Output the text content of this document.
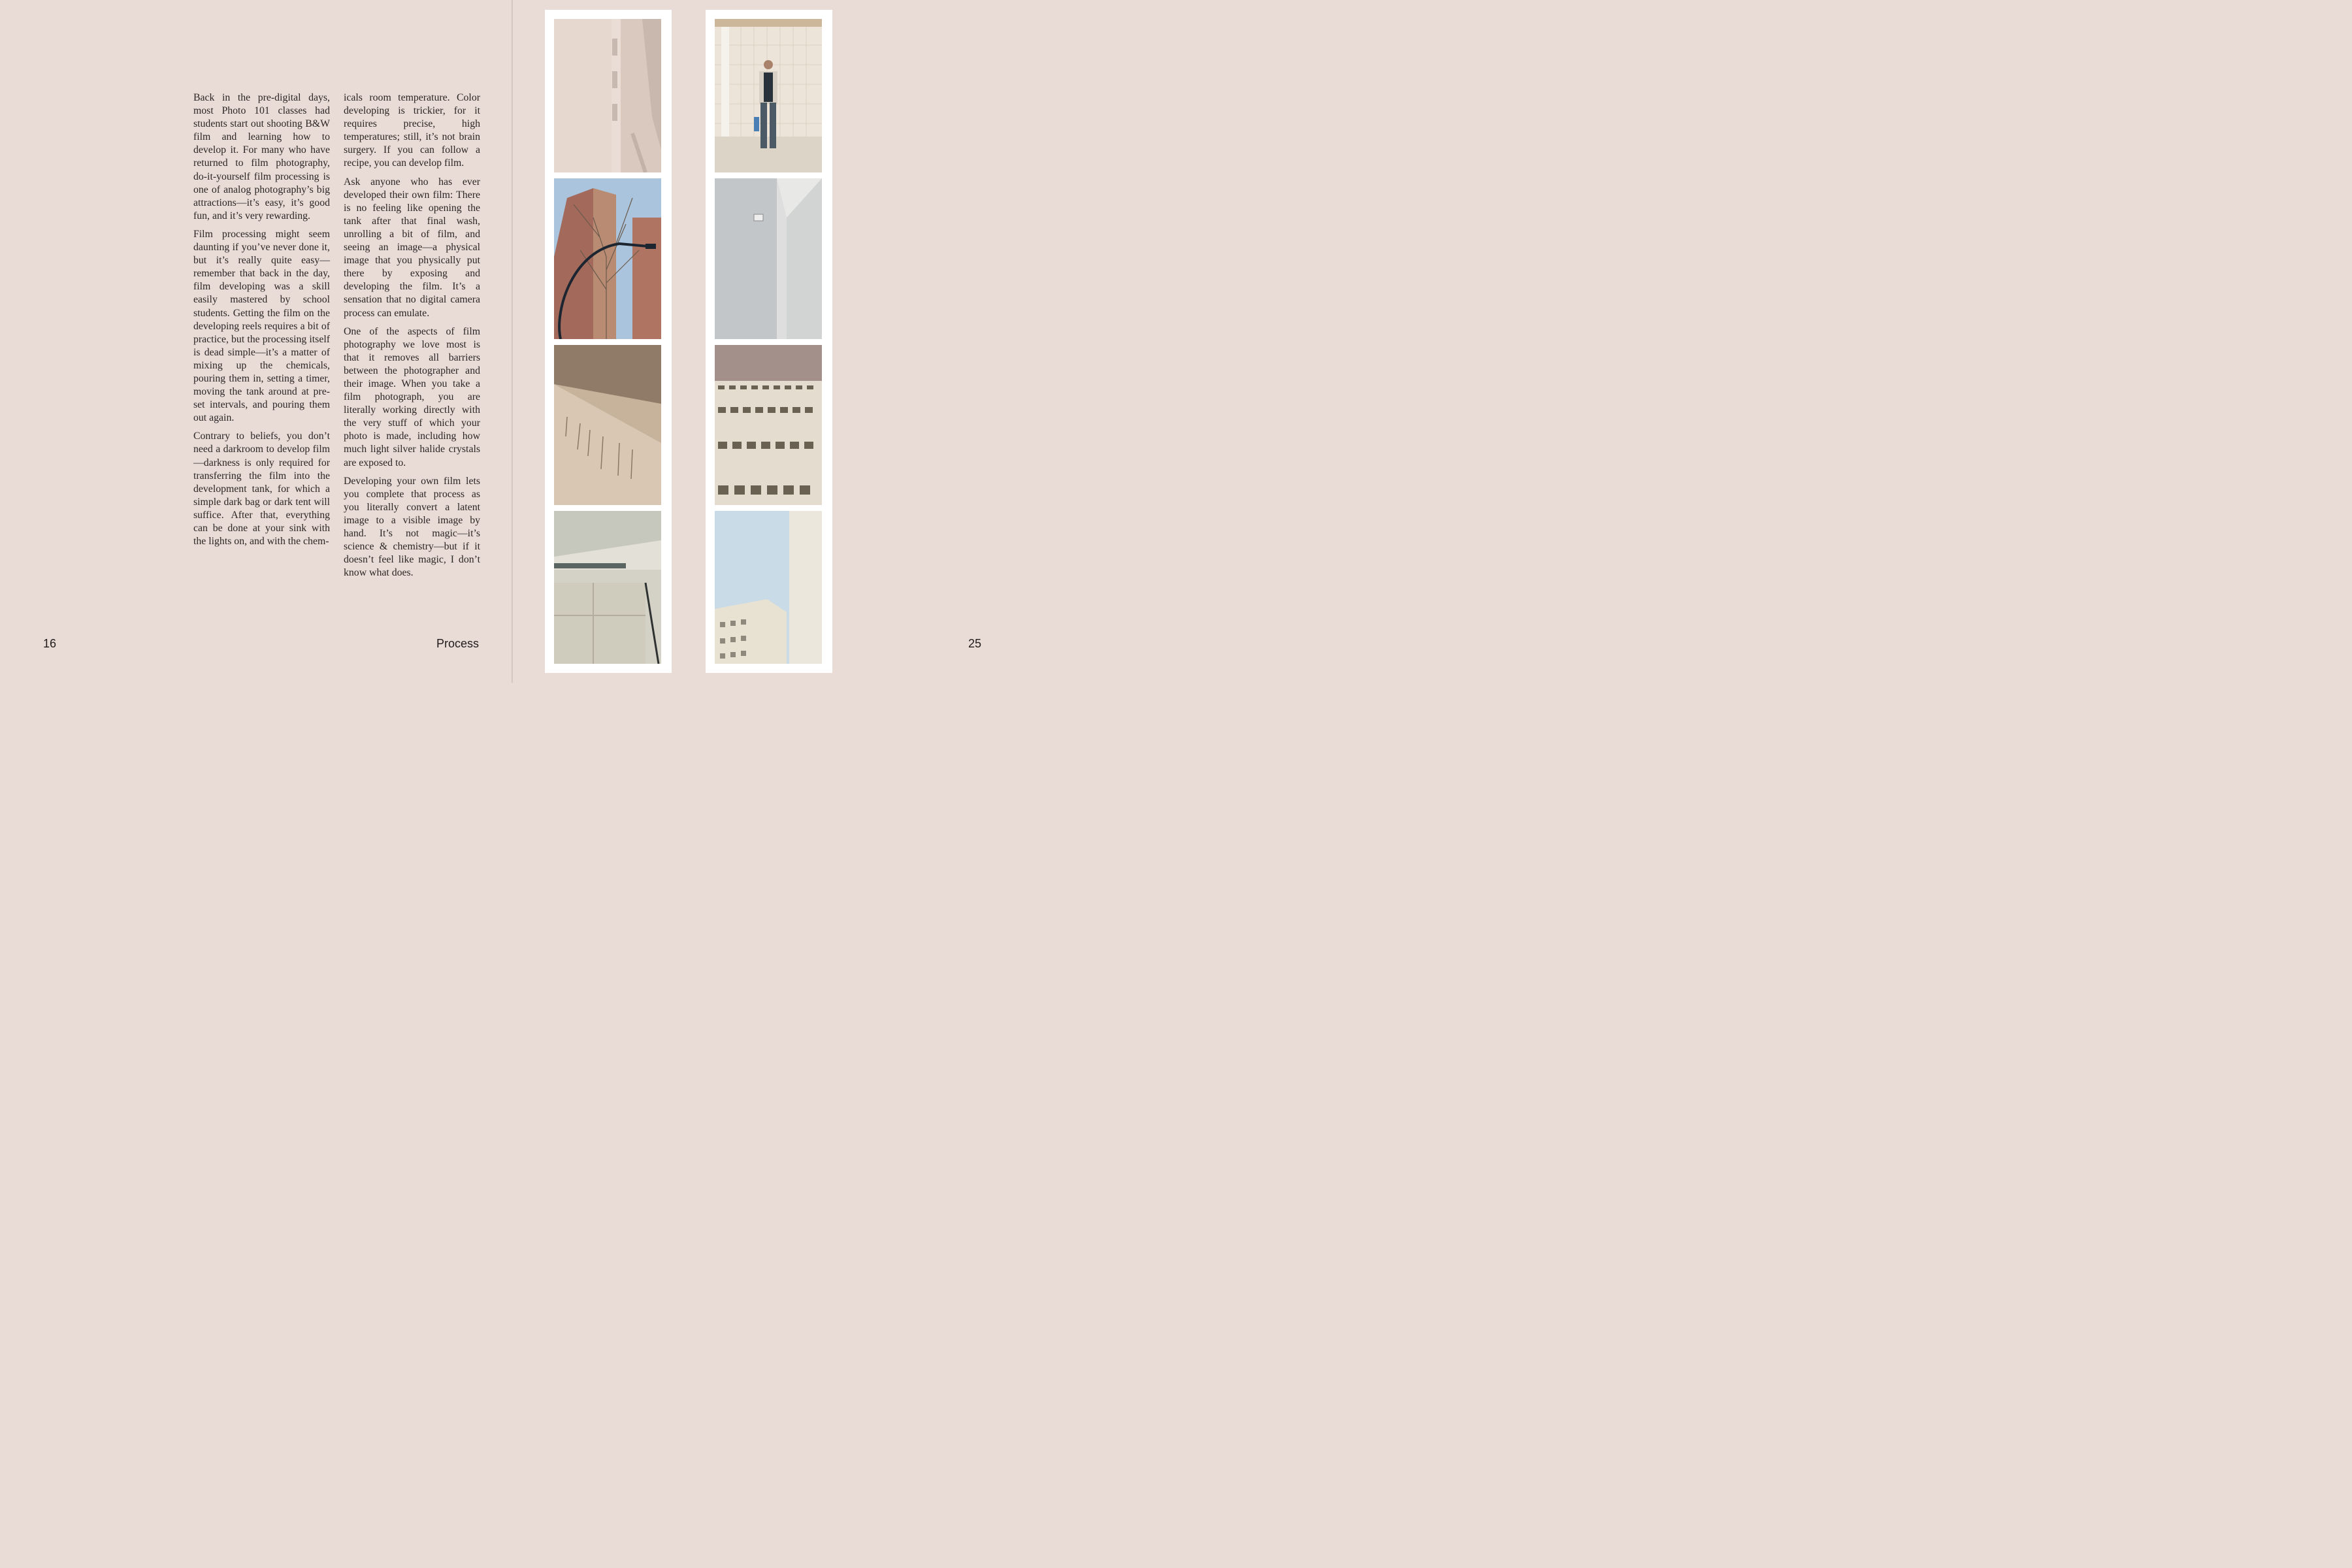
Back in the pre-digital days, most Photo 101 classes had students start out shooting B&W film and learning how to develop it. For many who have returned to film photography, do-it-yourself film processing is one of analog photography’s big attractions—it’s easy, it’s good fun, and it’s very rewarding.

Film processing might seem daunting if you’ve never done it, but it’s really quite easy—remember that back in the day, film developing was a skill easily mastered by school students. Getting the film on the developing reels requires a bit of practice, but the processing itself is dead simple—it’s a matter of mixing up the chemicals, pouring them in, setting a timer, moving the tank around at pre-set intervals, and pouring them out again.

Contrary to beliefs, you don’t need a darkroom to develop film—darkness is only required for transferring the film into the development tank, for which a simple dark bag or dark tent will suffice. After that, everything can be done at your sink with the lights on, and with the chem-

icals room temperature. Color developing is trickier, for it requires precise, high temperatures; still, it’s not brain surgery. If you can follow a recipe, you can develop film.

Ask anyone who has ever developed their own film: There is no feeling like opening the tank after that final wash, unrolling a bit of film, and seeing an image—a physical image that you physically put there by exposing and developing the film. It’s a sensation that no digital camera process can emulate.

One of the aspects of film photography we love most is that it removes all barriers between the photographer and their image. When you take a film photograph, you are literally working directly with the very stuff of which your photo is made, including how much light silver halide crystals are exposed to.

Developing your own film lets you complete that process as you literally convert a latent image to a visible image by hand. It’s not magic—it’s science & chemistry—but if it doesn’t feel like magic, I don’t know what does.

16	Process	25
